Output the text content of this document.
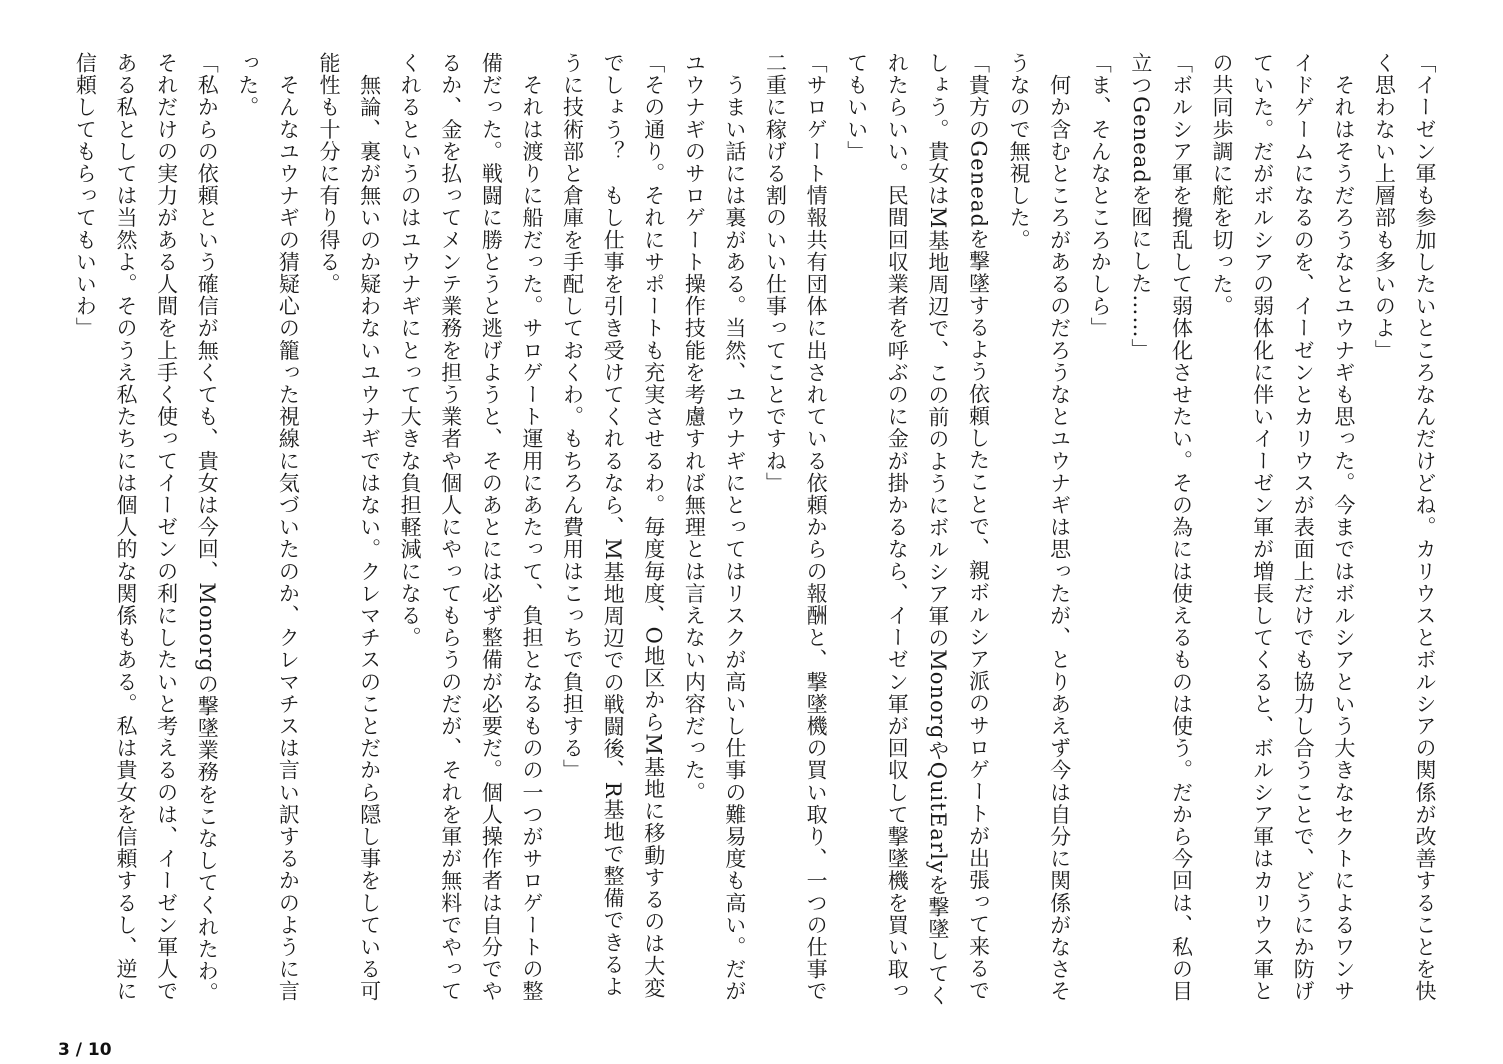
「イーゼン軍も参加したいところなんだけどね。カリウスとボルシアの関係が改善することを快く思わない上層部も多いのよ」

　それはそうだろうなとユウナギも思った。今まではボルシアという大きなセクトによるワンサイドゲームになるのを、イーゼンとカリウスが表面上だけでも協力し合うことで、どうにか防げていた。だがボルシアの弱体化に伴いイーゼン軍が増長してくると、ボルシア軍はカリウス軍との共同歩調に舵を切った。

「ボルシア軍を攪乱して弱体化させたい。その為には使えるものは使う。だから今回は、私の目立つGeneadを囮にした……」

「ま、そんなところかしら」

　何か含むところがあるのだろうなとユウナギは思ったが、とりあえず今は自分に関係がなさそうなので無視した。

「貴方のGeneadを撃墜するよう依頼したことで、親ボルシア派のサロゲートが出張って来るでしょう。貴女はM基地周辺で、この前のようにボルシア軍のMonorgやQuitEarlyを撃墜してくれたらいい。民間回収業者を呼ぶのに金が掛かるなら、イーゼン軍が回収して撃墜機を買い取ってもいい」

「サロゲート情報共有団体に出されている依頼からの報酬と、撃墜機の買い取り、一つの仕事で二重に稼げる割のいい仕事ってことですね」

　うまい話には裏がある。当然、ユウナギにとってはリスクが高いし仕事の難易度も高い。だがユウナギのサロゲート操作技能を考慮すれば無理とは言えない内容だった。

「その通り。それにサポートも充実させるわ。毎度毎度、O地区からM基地に移動するのは大変でしょう？　もし仕事を引き受けてくれるなら、M基地周辺での戦闘後、R基地で整備できるように技術部と倉庫を手配しておくわ。もちろん費用はこっちで負担する」

　それは渡りに船だった。サロゲート運用にあたって、負担となるものの一つがサロゲートの整備だった。戦闘に勝とうと逃げようと、そのあとには必ず整備が必要だ。個人操作者は自分でやるか、金を払ってメンテ業務を担う業者や個人にやってもらうのだが、それを軍が無料でやってくれるというのはユウナギにとって大きな負担軽減になる。

　無論、裏が無いのか疑わないユウナギではない。クレマチスのことだから隠し事をしている可能性も十分に有り得る。

　そんなユウナギの猜疑心の籠った視線に気づいたのか、クレマチスは言い訳するかのように言った。

「私からの依頼という確信が無くても、貴女は今回、Monorgの撃墜業務をこなしてくれたわ。それだけの実力がある人間を上手く使ってイーゼンの利にしたいと考えるのは、イーゼン軍人である私としては当然よ。そのうえ私たちには個人的な関係もある。私は貴女を信頼するし、逆に信頼してもらってもいいわ」

3 / 10
